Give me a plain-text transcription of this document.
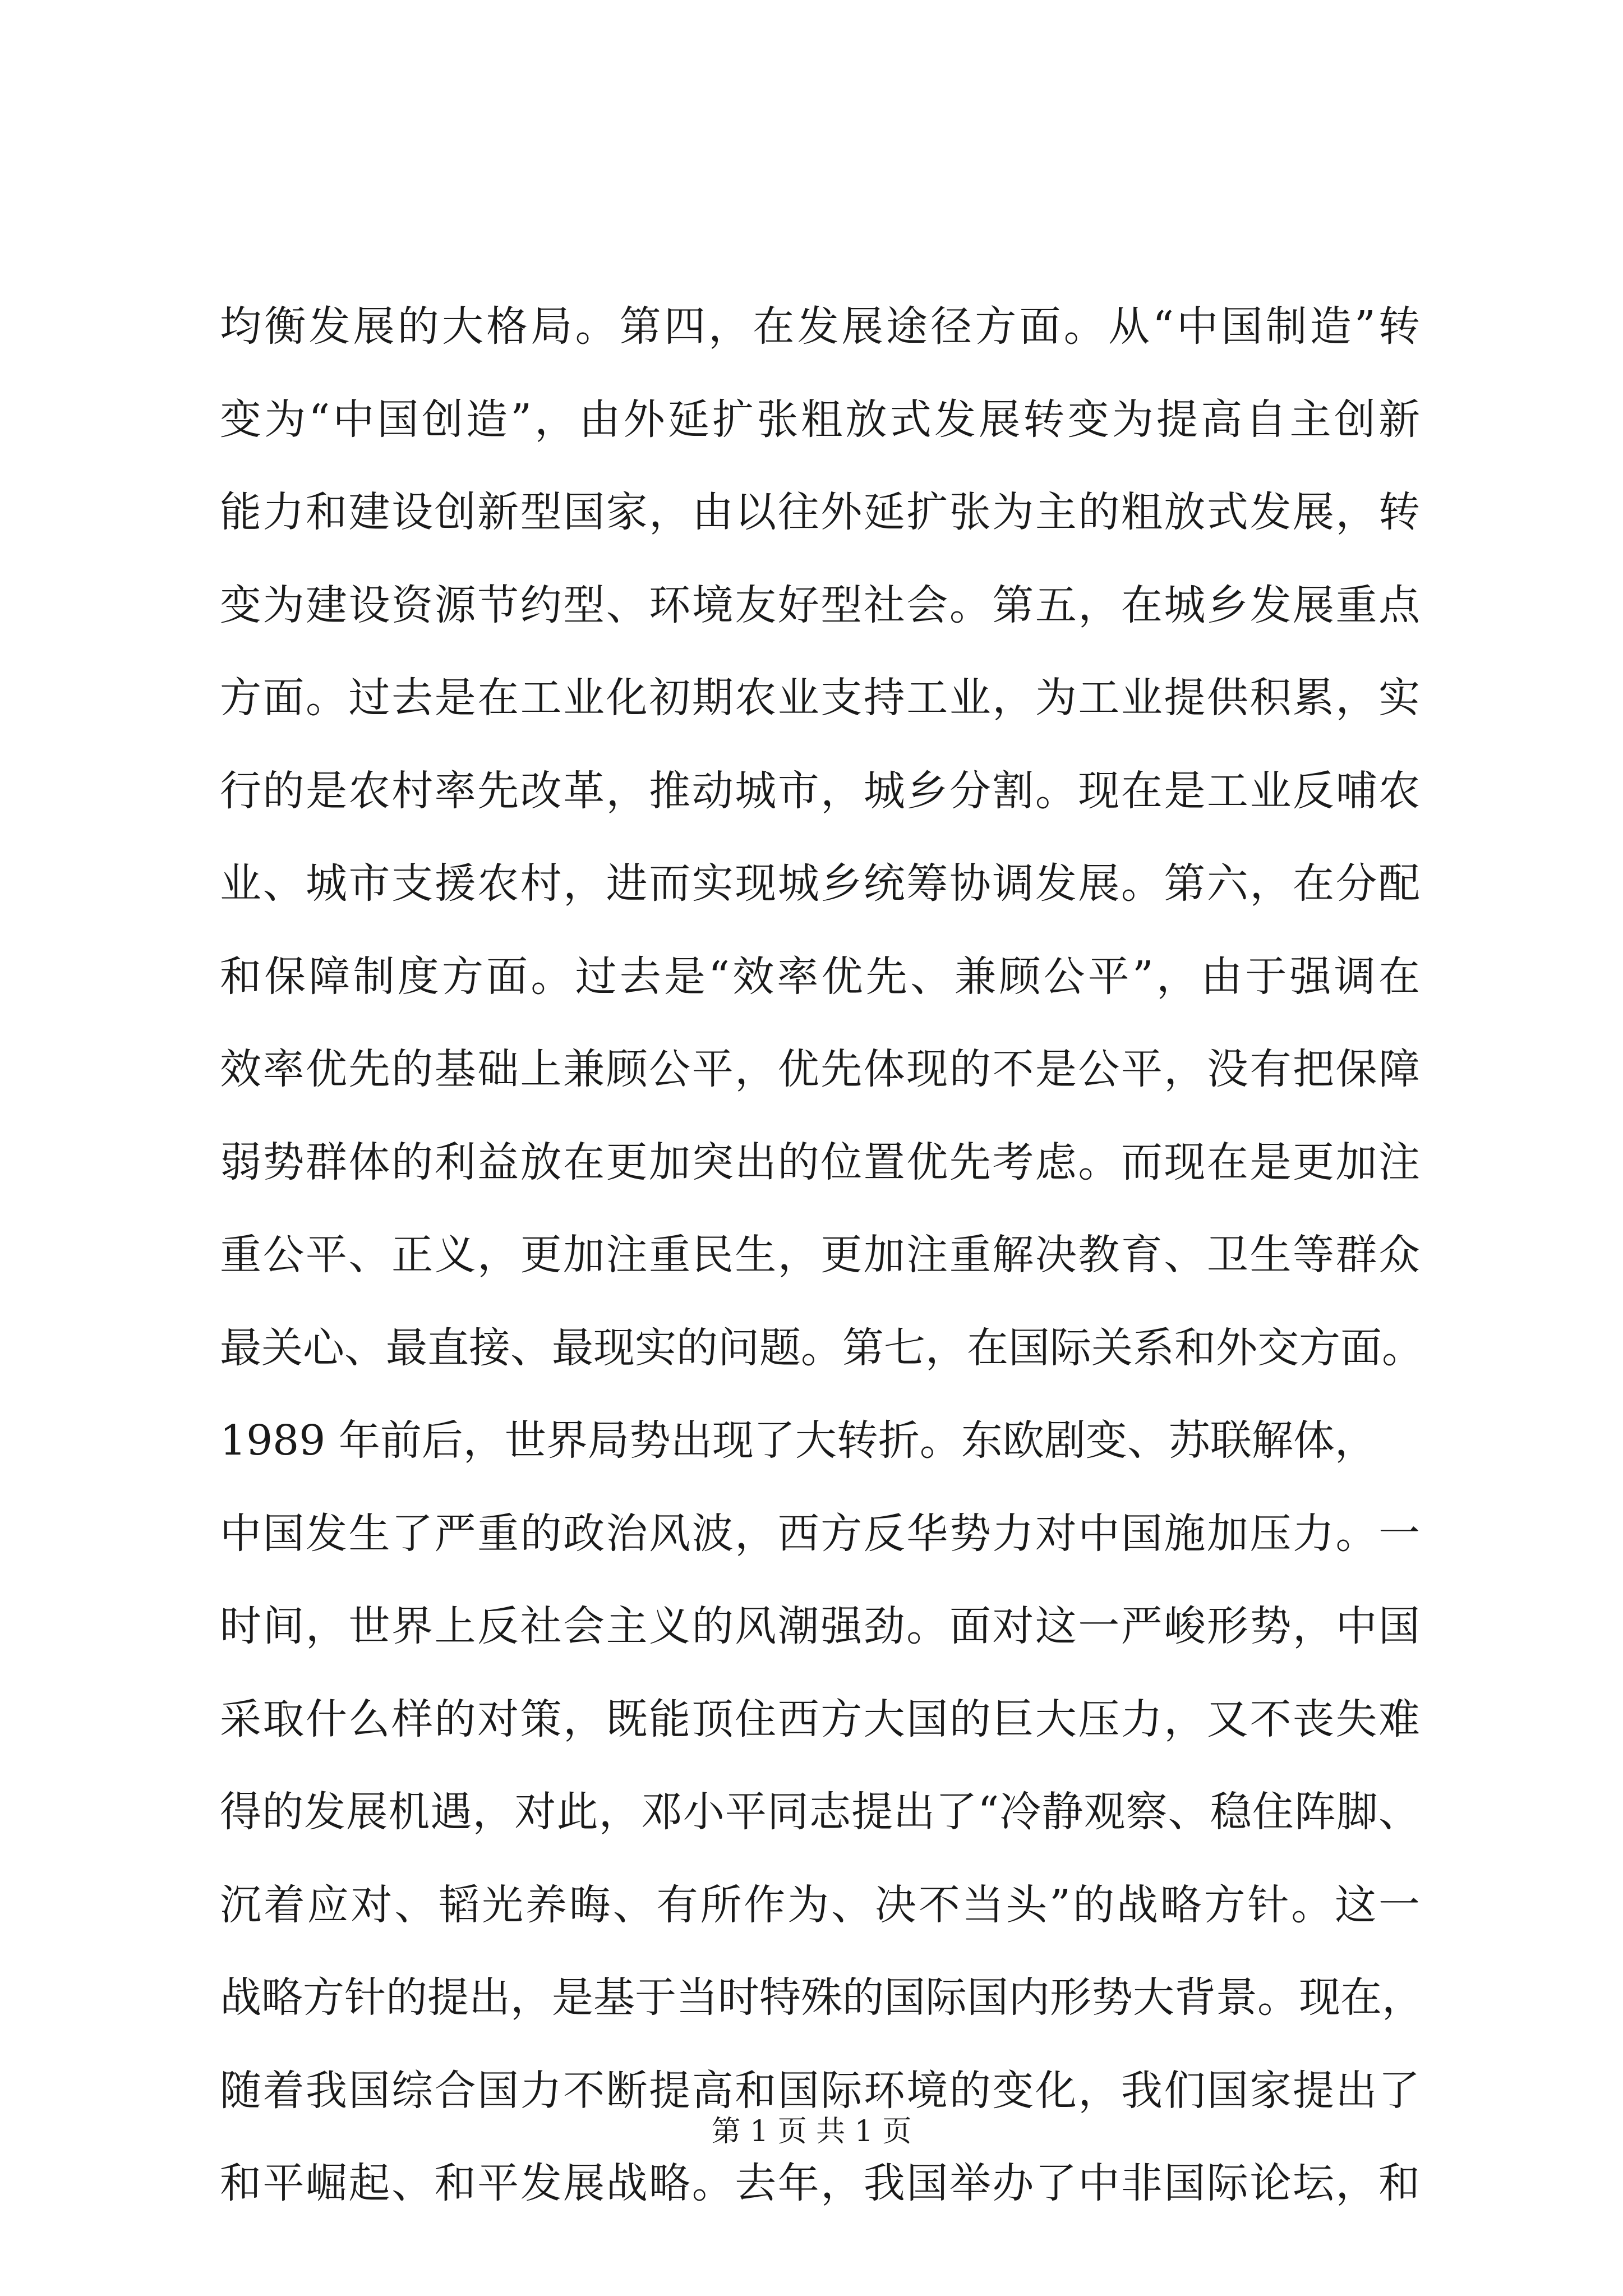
均衡发展的大格局。第四，在发展途径方面。从“中国制造”转
变为“中国创造”，由外延扩张粗放式发展转变为提高自主创新
能力和建设创新型国家，由以往外延扩张为主的粗放式发展，转
变为建设资源节约型、环境友好型社会。第五，在城乡发展重点
方面。过去是在工业化初期农业支持工业，为工业提供积累，实
行的是农村率先改革，推动城市，城乡分割。现在是工业反哺农
业、城市支援农村，进而实现城乡统筹协调发展。第六，在分配
和保障制度方面。过去是“效率优先、兼顾公平”，由于强调在
效率优先的基础上兼顾公平，优先体现的不是公平，没有把保障
弱势群体的利益放在更加突出的位置优先考虑。而现在是更加注
重公平、正义，更加注重民生，更加注重解决教育、卫生等群众
最关心、最直接、最现实的问题。第七，在国际关系和外交方面。
1989 年前后，世界局势出现了大转折。东欧剧变、苏联解体，
中国发生了严重的政治风波，西方反华势力对中国施加压力。一
时间，世界上反社会主义的风潮强劲。面对这一严峻形势，中国
采取什么样的对策，既能顶住西方大国的巨大压力，又不丧失难
得的发展机遇，对此，邓小平同志提出了“冷静观察、稳住阵脚、
沉着应对、韬光养晦、有所作为、决不当头”的战略方针。这一
战略方针的提出，是基于当时特殊的国际国内形势大背景。现在，
随着我国综合国力不断提高和国际环境的变化，我们国家提出了
和平崛起、和平发展战略。去年，我国举办了中非国际论坛，和
第 1 页 共 1 页
